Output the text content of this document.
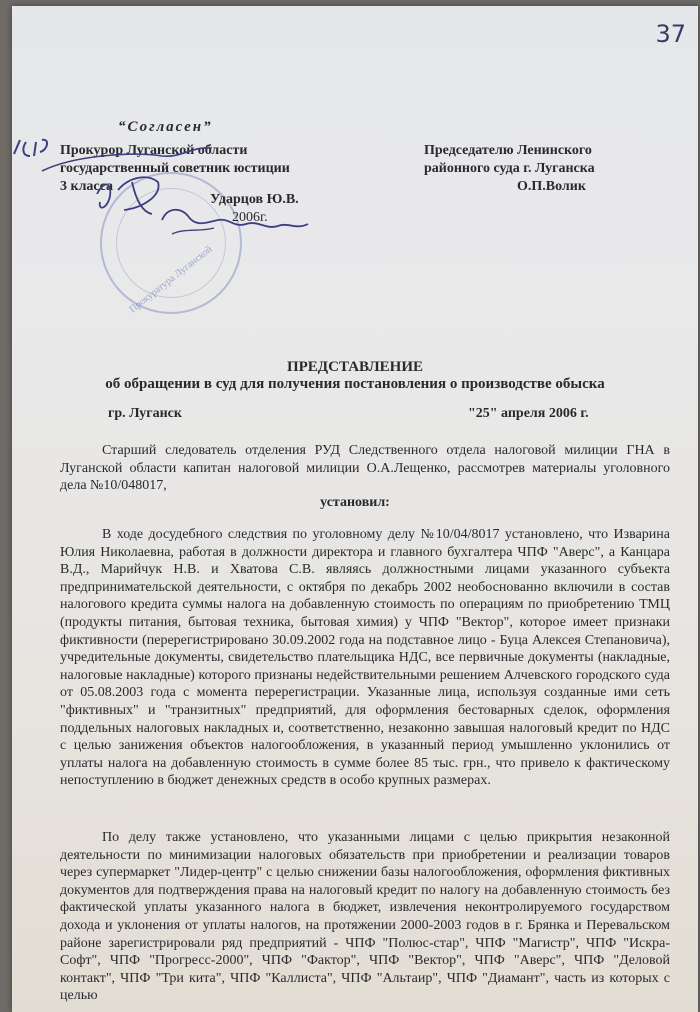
37
“Согласен”
Прокурор Луганской области
государственный советник юстиции
3 класса
Председателю Ленинского
районного суда г. Луганска
О.П.Волик
Прокуратура Луганской
Ударцов Ю.В.
2006г.
ПРЕДСТАВЛЕНИЕ
об обращении в суд для получения постановления о производстве обыска
гр. Луганск	"25" апреля 2006 г.
Старший следователь отделения РУД Следственного отдела налоговой милиции ГНА в Луганской области капитан налоговой милиции О.А.Лещенко, рассмотрев материалы уголовного дела №10/048017,
установил:
В ходе досудебного следствия по уголовному делу №10/04/8017 установлено, что Изварина Юлия Николаевна, работая в должности директора и главного бухгалтера ЧПФ "Аверс", а Канцара В.Д., Марийчук Н.В. и Хватова С.В. являясь должностными лицами указанного субъекта предпринимательской деятельности, с октября по декабрь 2002 необоснованно включили в состав налогового кредита суммы налога на добавленную стоимость по операциям по приобретению ТМЦ (продукты питания, бытовая техника, бытовая химия) у ЧПФ "Вектор", которое имеет признаки фиктивности (перерегистрировано 30.09.2002 года на подставное лицо - Буца Алексея Степановича), учредительные документы, свидетельство плательщика НДС, все первичные документы (накладные, налоговые накладные) которого признаны недействительными решением Алчевского городского суда от 05.08.2003 года с момента перерегистрации. Указанные лица, используя созданные ими сеть "фиктивных" и "транзитных" предприятий, для оформления бестоварных сделок, оформления поддельных налоговых накладных и, соответственно, незаконно завышая налоговый кредит по НДС с целью занижения объектов налогообложения, в указанный период умышленно уклонились от уплаты налога на добавленную стоимость в сумме более 85 тыс. грн., что привело к фактическому непоступлению в бюджет денежных средств в особо крупных размерах.
По делу также установлено, что указанными лицами с целью прикрытия незаконной деятельности по минимизации налоговых обязательств при приобретении и реализации товаров через супермаркет "Лидер-центр" с целью снижении базы налогообложения, оформления фиктивных документов для подтверждения права на налоговый кредит по налогу на добавленную стоимость без фактической уплаты указанного налога в бюджет, извлечения неконтролируемого государством дохода и уклонения от уплаты налогов, на протяжении 2000-2003 годов в г. Брянка и Перевальском районе зарегистрировали ряд предприятий - ЧПФ "Полюс-стар", ЧПФ "Магистр", ЧПФ "Искра-Софт", ЧПФ "Прогресс-2000", ЧПФ "Фактор", ЧПФ "Вектор", ЧПФ "Аверс", ЧПФ "Деловой контакт", ЧПФ "Три кита", ЧПФ "Каллиста", ЧПФ "Альтаир", ЧПФ "Диамант", часть из которых с целью
